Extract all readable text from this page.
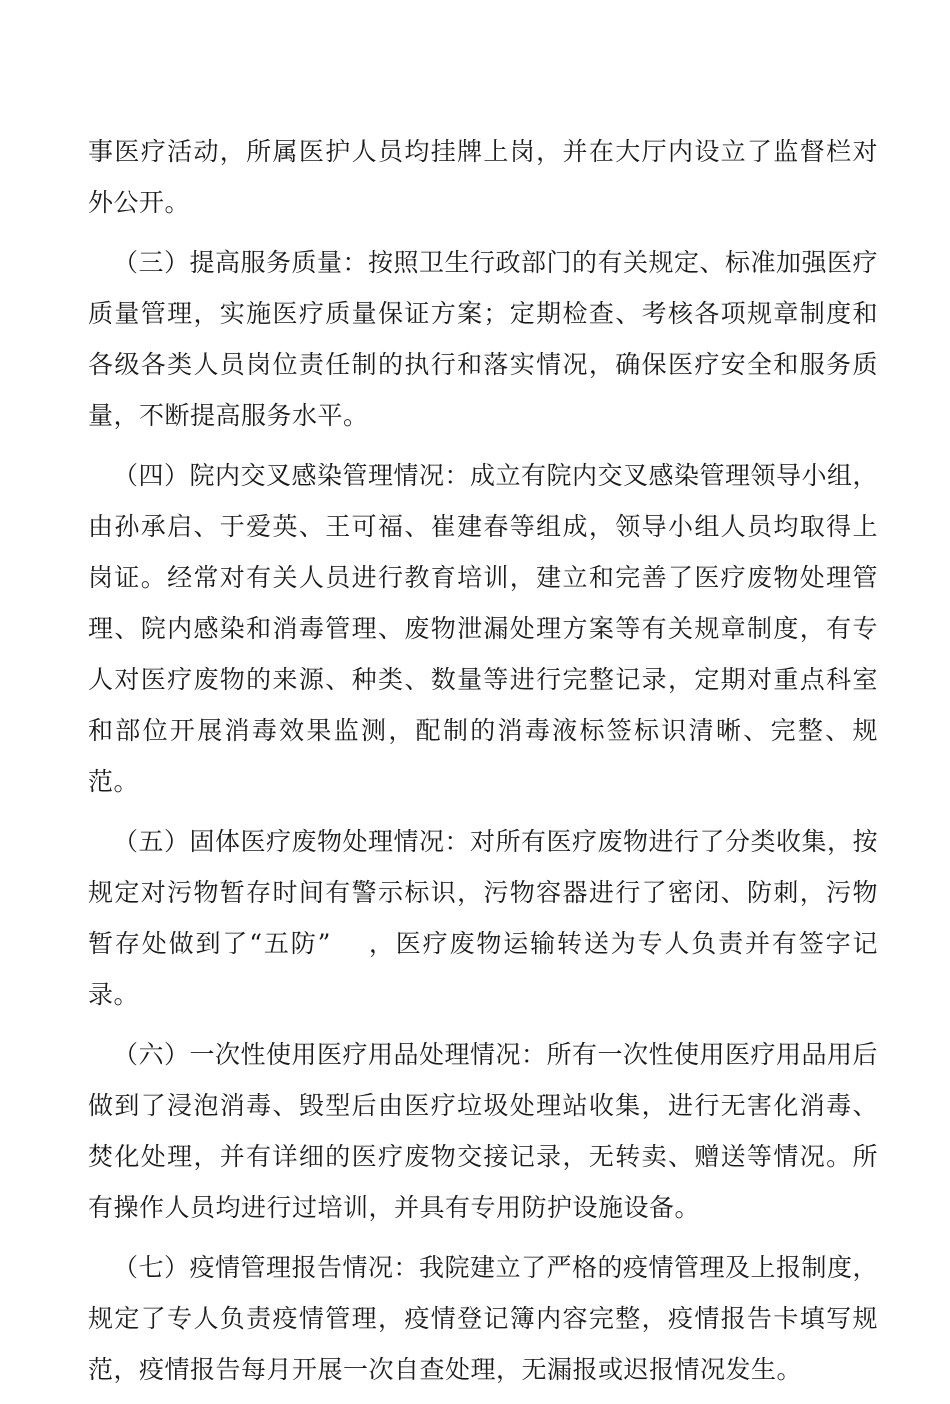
事医疗活动，所属医护人员均挂牌上岗，并在大厅内设立了监督栏对外公开。

（三）提高服务质量：按照卫生行政部门的有关规定、标准加强医疗质量管理，实施医疗质量保证方案；定期检查、考核各项规章制度和各级各类人员岗位责任制的执行和落实情况，确保医疗安全和服务质量，不断提高服务水平。

（四）院内交叉感染管理情况：成立有院内交叉感染管理领导小组，由孙承启、于爱英、王可福、崔建春等组成，领导小组人员均取得上岗证。经常对有关人员进行教育培训，建立和完善了医疗废物处理管理、院内感染和消毒管理、废物泄漏处理方案等有关规章制度，有专人对医疗废物的来源、种类、数量等进行完整记录，定期对重点科室和部位开展消毒效果监测，配制的消毒液标签标识清晰、完整、规范。

（五）固体医疗废物处理情况：对所有医疗废物进行了分类收集，按规定对污物暂存时间有警示标识，污物容器进行了密闭、防刺，污物暂存处做到了“五防”　 ，医疗废物运输转送为专人负责并有签字记录。

（六）一次性使用医疗用品处理情况：所有一次性使用医疗用品用后做到了浸泡消毒、毁型后由医疗垃圾处理站收集，进行无害化消毒、焚化处理，并有详细的医疗废物交接记录，无转卖、赠送等情况。所有操作人员均进行过培训，并具有专用防护设施设备。

（七）疫情管理报告情况：我院建立了严格的疫情管理及上报制度，规定了专人负责疫情管理，疫情登记簿内容完整，疫情报告卡填写规范，疫情报告每月开展一次自查处理，无漏报或迟报情况发生。
